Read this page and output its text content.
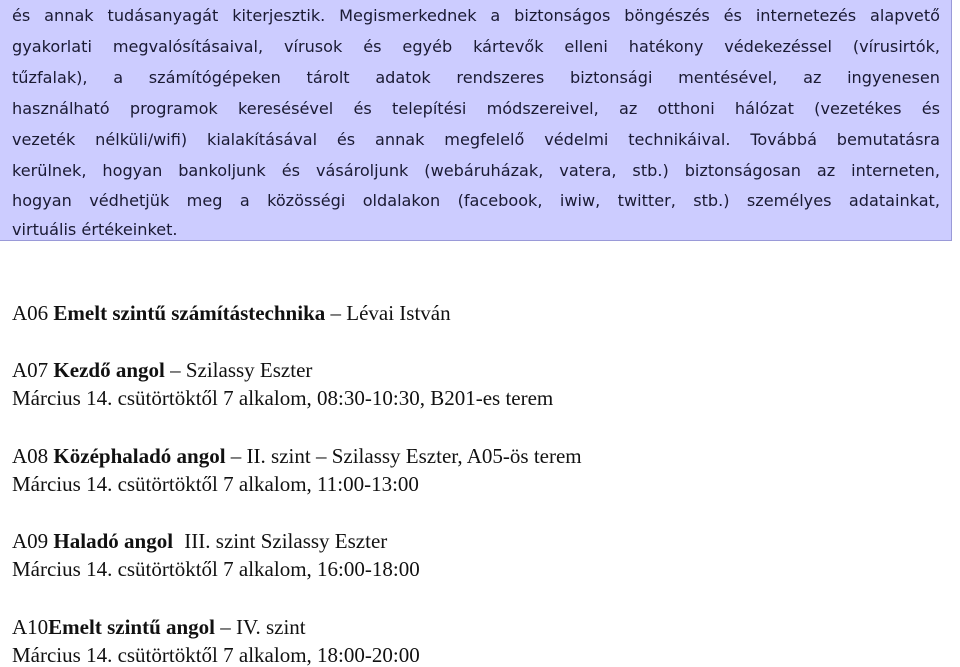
és annak tudásanyagát kiterjesztik. Megismerkednek a biztonságos böngészés és internetezés alapvető
gyakorlati megvalósításaival, vírusok és egyéb kártevők elleni hatékony védekezéssel (vírusirtók,
tűzfalak), a számítógépeken tárolt adatok rendszeres biztonsági mentésével, az ingyenesen
használható programok keresésével és telepítési módszereivel, az otthoni hálózat (vezetékes és
vezeték nélküli/wifi) kialakításával és annak megfelelő védelmi technikáival. Továbbá bemutatásra
kerülnek, hogyan bankoljunk és vásároljunk (webáruházak, vatera, stb.) biztonságosan az interneten,
hogyan védhetjük meg a közösségi oldalakon (facebook, iwiw, twitter, stb.) személyes adatainkat,
virtuális értékeinket.
A06 Emelt szintű számítástechnika – Lévai István
A07 Kezdő angol – Szilassy Eszter
Március 14. csütörtöktől 7 alkalom, 08:30-10:30, B201-es terem
A08 Középhaladó angol – II. szint – Szilassy Eszter, A05-ös terem
Március 14. csütörtöktől 7 alkalom, 11:00-13:00
A09 Haladó angol III. szint Szilassy Eszter
Március 14. csütörtöktől 7 alkalom, 16:00-18:00
A10Emelt szintű angol – IV. szint
Március 14. csütörtöktől 7 alkalom, 18:00-20:00
